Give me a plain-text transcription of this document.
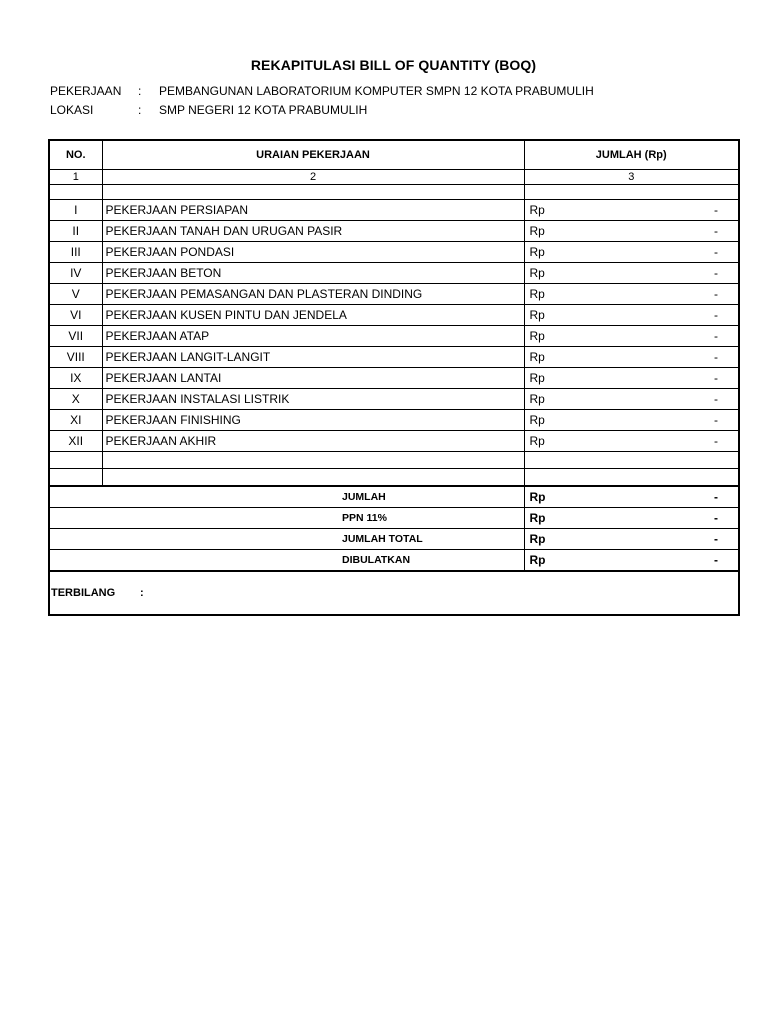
REKAPITULASI BILL OF QUANTITY (BOQ)
PEKERJAAN : PEMBANGUNAN LABORATORIUM KOMPUTER SMPN 12 KOTA PRABUMULIH
LOKASI	: SMP NEGERI 12 KOTA PRABUMULIH
NO.	URAIAN PEKERJAAN	JUMLAH (Rp)
1	2	3

I	PEKERJAAN PERSIAPAN	Rp -

II	PEKERJAAN TANAH DAN URUGAN PASIR	Rp -

III	PEKERJAAN PONDASI	Rp -

IV	PEKERJAAN BETON	Rp -

V	PEKERJAAN PEMASANGAN DAN PLASTERAN DINDING	Rp -

VI	PEKERJAAN KUSEN PINTU DAN JENDELA	Rp -

VII	PEKERJAAN ATAP	Rp -

VIII	PEKERJAAN LANGIT-LANGIT	Rp -

IX	PEKERJAAN LANTAI	Rp -

X	PEKERJAAN INSTALASI LISTRIK	Rp -

XI	PEKERJAAN FINISHING	Rp -

XII	PEKERJAAN AKHIR	Rp -

JUMLAH		Rp -

PPN 11%		Rp -

JUMLAH TOTAL		Rp -

DIBULATKAN		Rp -

TERBILANG :		
